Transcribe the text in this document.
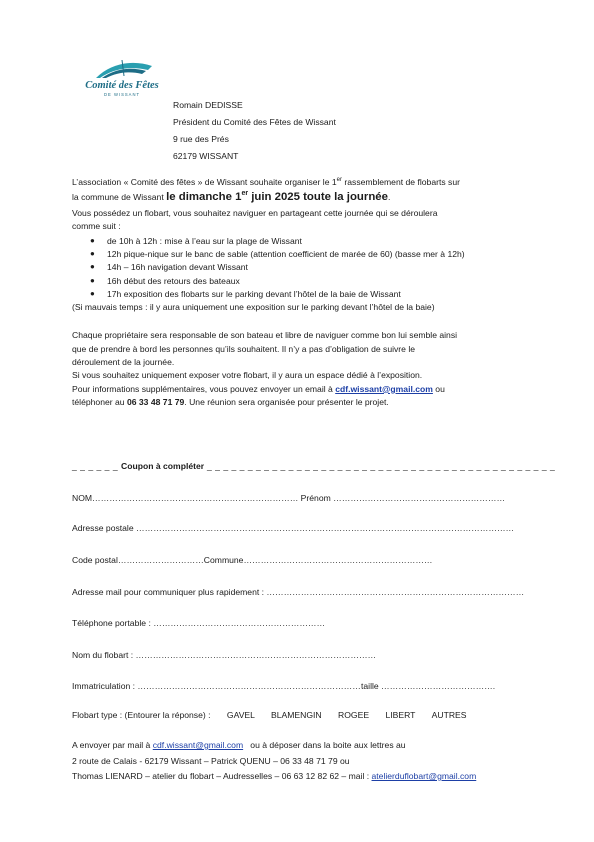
Comité des Fêtes
DE WISSANT
Romain DEDISSE
Président du Comité des Fêtes de Wissant
9 rue des Prés
62179 WISSANT

L’association « Comité des fêtes » de Wissant souhaite organiser le 1er rassemblement de flobarts sur

la commune de Wissant le dimanche 1er juin 2025 toute la journée.

Vous possédez un flobart, vous souhaitez naviguer en partageant cette journée qui se déroulera

comme suit :

● de 10h à 12h : mise à l’eau sur la plage de Wissant
● 12h pique-nique sur le banc de sable (attention coefficient de marée de 60) (basse mer à 12h)
● 14h – 16h navigation devant Wissant
● 16h début des retours des bateaux
● 17h exposition des flobarts sur le parking devant l’hôtel de la baie de Wissant

(Si mauvais temps : il y aura uniquement une exposition sur le parking devant l’hôtel de la baie)

Chaque propriétaire sera responsable de son bateau et libre de naviguer comme bon lui semble ainsi

que de prendre à bord les personnes qu’ils souhaitent. Il n’y a pas d’obligation de suivre le

déroulement de la journée.

Si vous souhaitez uniquement exposer votre flobart, il y aura un espace dédié à l’exposition.

Pour informations supplémentaires, vous pouvez envoyer un email à cdf.wissant@gmail.com ou

téléphoner au 06 33 48 71 79. Une réunion sera organisée pour présenter le projet.

_ _ _ _ _ _ Coupon à compléter _ _ _ _ _ _ _ _ _ _ _ _ _ _ _ _ _ _ _ _ _ _ _ _ _ _ _ _ _ _ _ _ _ _ _ _ _ _ _ _ _ _ _
NOM……………………………………………………………… Prénom ……………………………………………………
Adresse postale ……………………………………………………………………………………………………………………
Code postal…………………………Commune…………………………………………………………
Adresse mail pour communiquer plus rapidement : ………………………………………………………………………………
Téléphone portable : ……………………………………………………
Nom du flobart : …………………………………………………………………………
Immatriculation : …………………………………………………………………… taille ………………………………….
Flobart type : (Entourer la réponse) : GAVEL BLAMENGIN ROGEE LIBERT AUTRES
A envoyer par mail à cdf.wissant@gmail.com   ou à déposer dans la boite aux lettres au
2 route de Calais - 62179 Wissant – Patrick QUENU – 06 33 48 71 79 ou
Thomas LIENARD – atelier du flobart – Audresselles – 06 63 12 82 62 – mail : atelierduflobart@gmail.com
